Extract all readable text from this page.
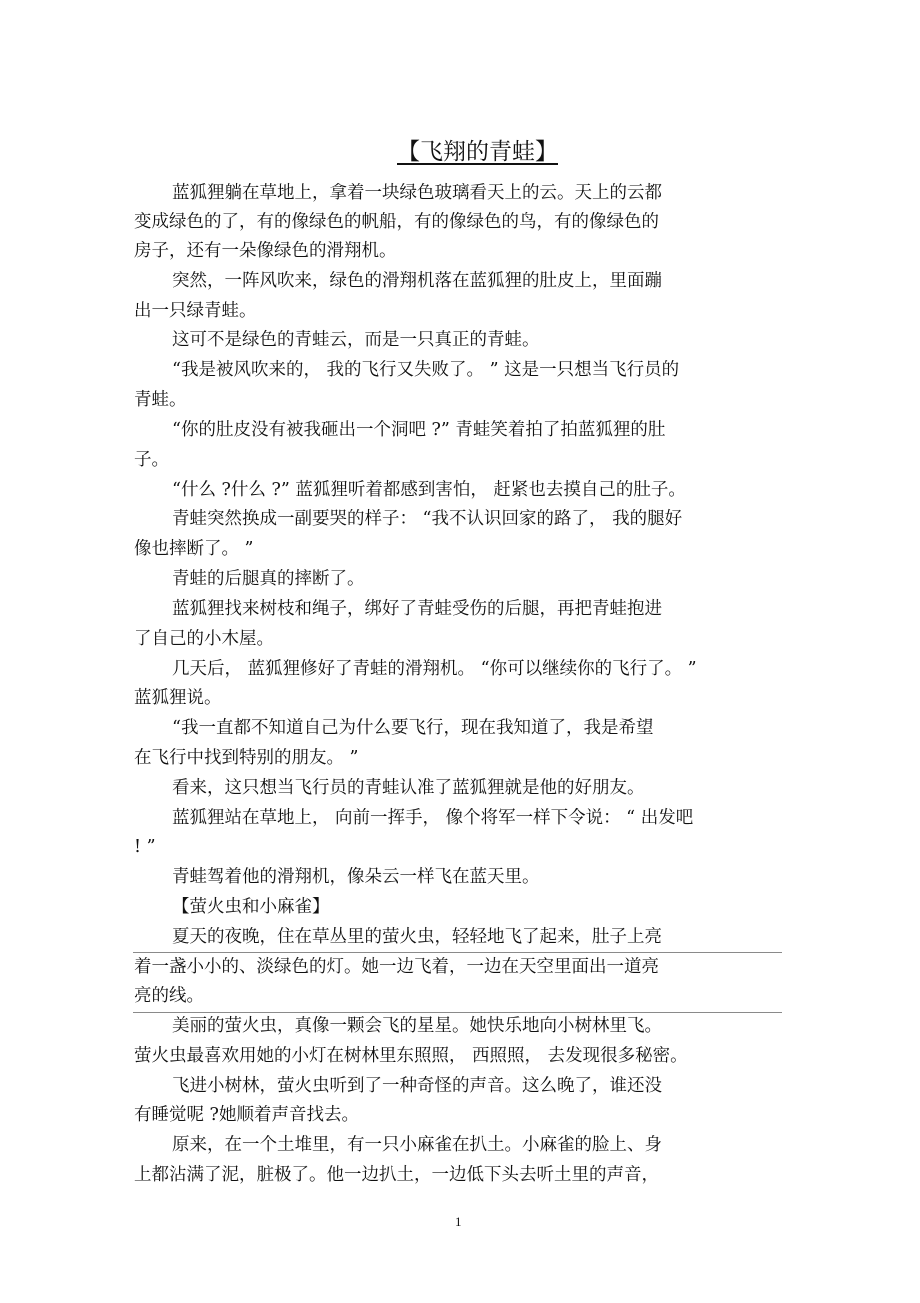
【飞翔的青蛙】
蓝狐狸躺在草地上，拿着一块绿色玻璃看天上的云。天上的云都
变成绿色的了，有的像绿色的帆船，有的像绿色的鸟，有的像绿色的
房子，还有一朵像绿色的滑翔机。
突然，一阵风吹来，绿色的滑翔机落在蓝狐狸的肚皮上，里面蹦
出一只绿青蛙。
这可不是绿色的青蛙云，而是一只真正的青蛙。
“我是被风吹来的， 我的飞行又失败了。 ” 这是一只想当飞行员的
青蛙。
“你的肚皮没有被我砸出一个洞吧 ?” 青蛙笑着拍了拍蓝狐狸的肚
子。
“什么 ?什么 ?” 蓝狐狸听着都感到害怕， 赶紧也去摸自己的肚子。
青蛙突然换成一副要哭的样子： “我不认识回家的路了， 我的腿好
像也摔断了。 ”
青蛙的后腿真的摔断了。
蓝狐狸找来树枝和绳子，绑好了青蛙受伤的后腿，再把青蛙抱进
了自己的小木屋。
几天后， 蓝狐狸修好了青蛙的滑翔机。 “你可以继续你的飞行了。 ”
蓝狐狸说。
“我一直都不知道自己为什么要飞行，现在我知道了，我是希望
在飞行中找到特别的朋友。 ”
看来，这只想当飞行员的青蛙认准了蓝狐狸就是他的好朋友。
蓝狐狸站在草地上， 向前一挥手， 像个将军一样下令说： “ 出发吧
! ”
青蛙驾着他的滑翔机，像朵云一样飞在蓝天里。
【萤火虫和小麻雀】
夏天的夜晚，住在草丛里的萤火虫，轻轻地飞了起来，肚子上亮
着一盏小小的、淡绿色的灯。她一边飞着，一边在天空里面出一道亮
亮的线。
美丽的萤火虫，真像一颗会飞的星星。她快乐地向小树林里飞。
萤火虫最喜欢用她的小灯在树林里东照照， 西照照， 去发现很多秘密。
飞进小树林，萤火虫听到了一种奇怪的声音。这么晚了，谁还没
有睡觉呢 ?她顺着声音找去。
原来，在一个土堆里，有一只小麻雀在扒土。小麻雀的脸上、身
上都沾满了泥，脏极了。他一边扒土，一边低下头去听土里的声音，
1
